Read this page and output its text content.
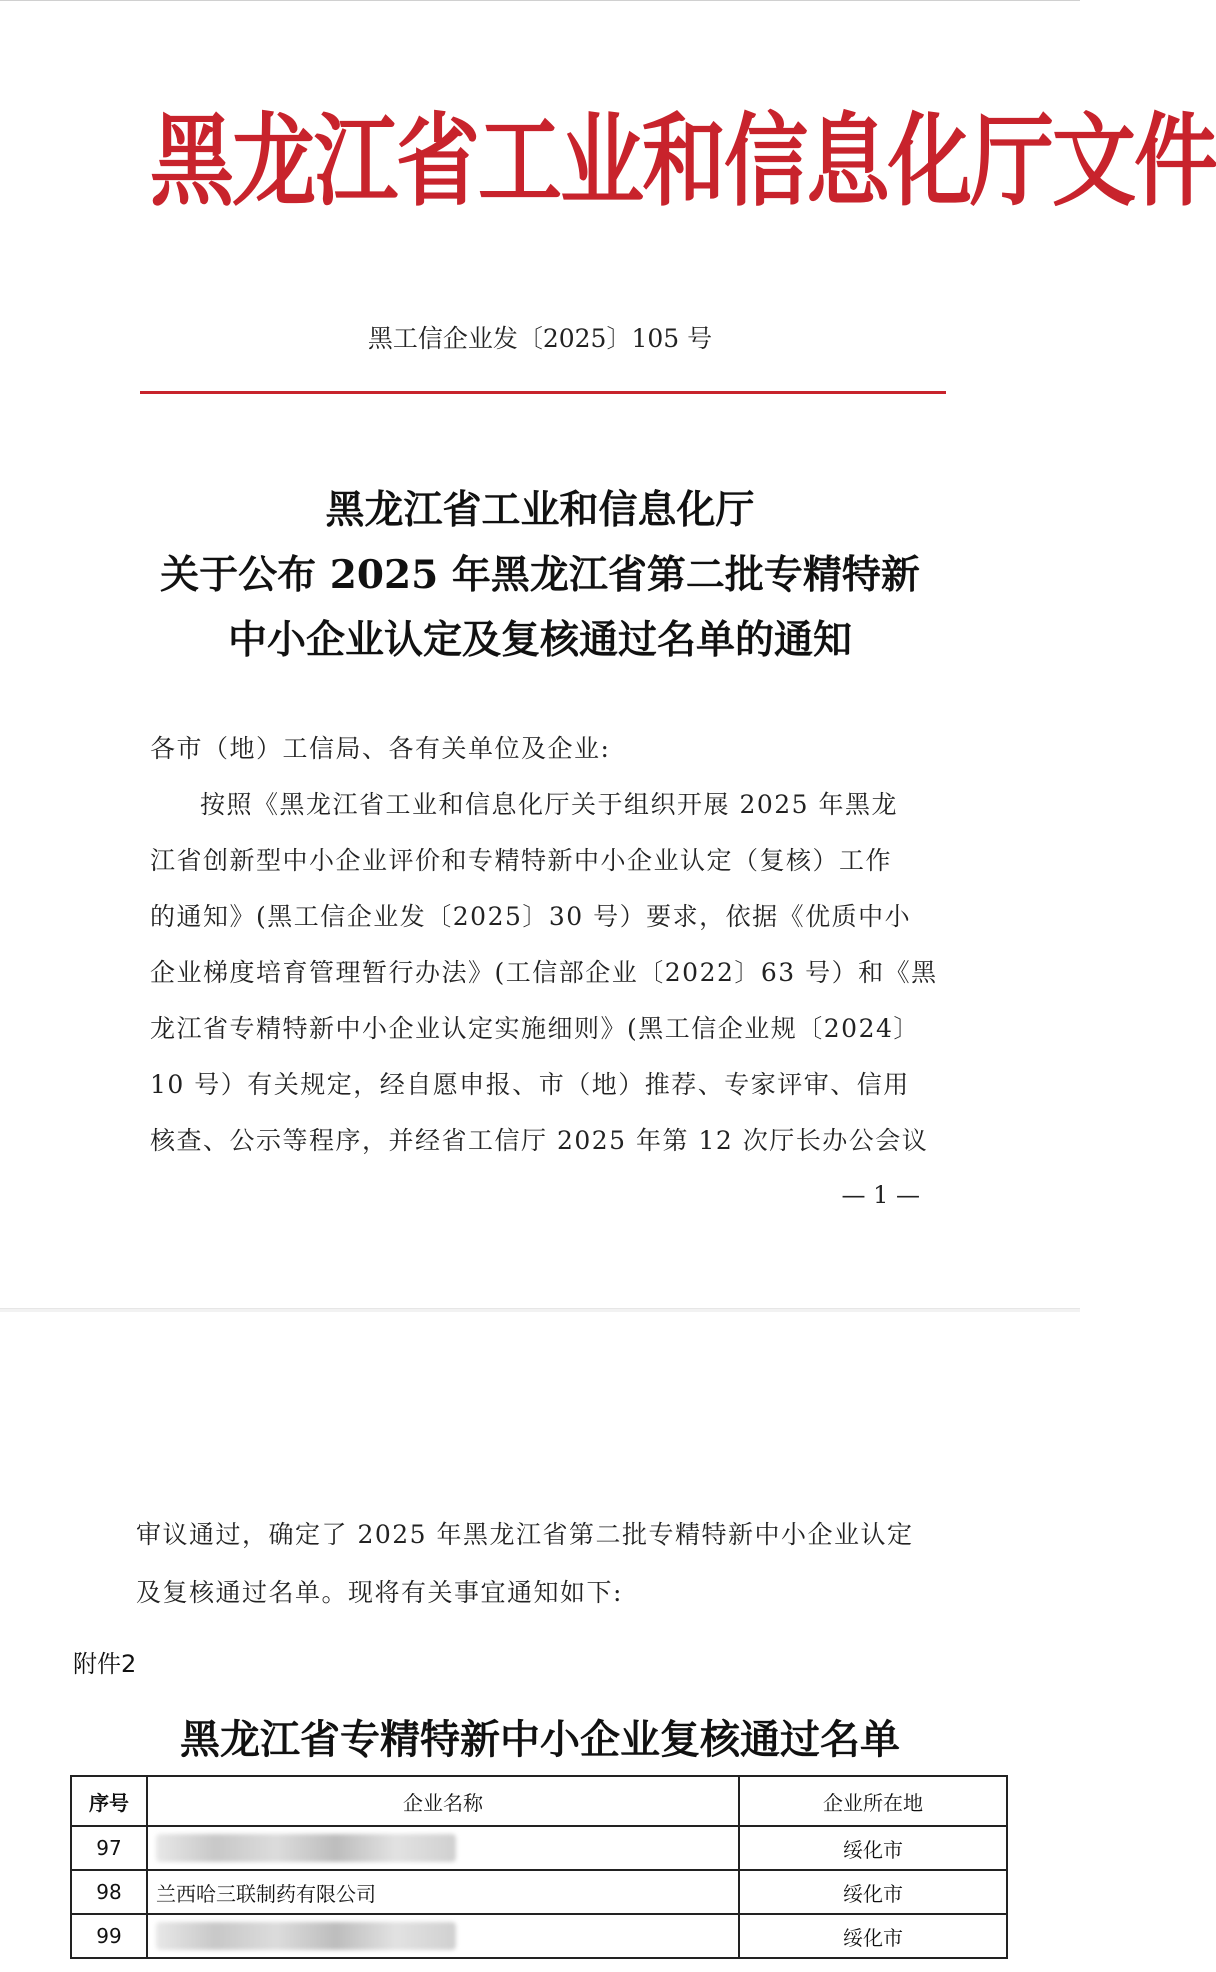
黑龙江省工业和信息化厅文件
黑工信企业发〔2025〕105 号
黑龙江省工业和信息化厅
关于公布 2025 年黑龙江省第二批专精特新
中小企业认定及复核通过名单的通知
各市（地）工信局、各有关单位及企业:
按照《黑龙江省工业和信息化厅关于组织开展 2025 年黑龙
江省创新型中小企业评价和专精特新中小企业认定（复核）工作
的通知》(黑工信企业发〔2025〕30 号）要求，依据《优质中小
企业梯度培育管理暂行办法》(工信部企业〔2022〕63 号）和《黑
龙江省专精特新中小企业认定实施细则》(黑工信企业规〔2024〕
10 号）有关规定，经自愿申报、市（地）推荐、专家评审、信用
核查、公示等程序，并经省工信厅 2025 年第 12 次厅长办公会议
— 1 —
审议通过，确定了 2025 年黑龙江省第二批专精特新中小企业认定
及复核通过名单。现将有关事宜通知如下:
附件2
黑龙江省专精特新中小企业复核通过名单
序号	企业名称	企业所在地
97		绥化市
98	兰西哈三联制药有限公司	绥化市
99		绥化市
